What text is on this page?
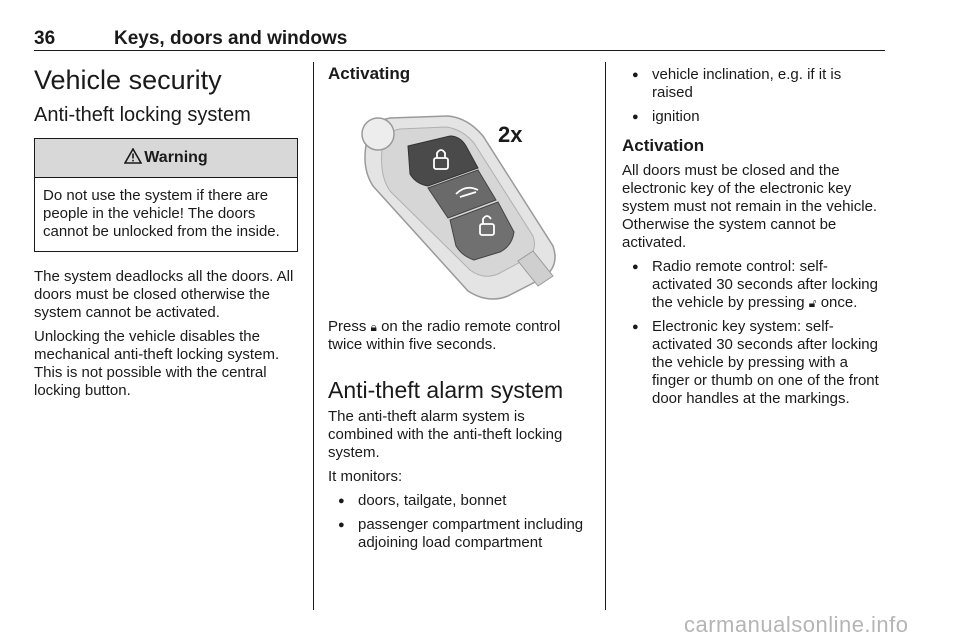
36	Keys, doors and windows
Vehicle security
Anti-theft locking system
Warning
Do not use the system if there are people in the vehicle! The doors cannot be unlocked from the inside.

The system deadlocks all the doors. All doors must be closed otherwise the system cannot be activated.

Unlocking the vehicle disables the mechanical anti-theft locking system. This is not possible with the central locking button.

Activating
2x

Press 🔒︎ on the radio remote control twice within five seconds.

Anti-theft alarm system

The anti-theft alarm system is combined with the anti-theft locking system.

It monitors:

● doors, tailgate, bonnet
● passenger compartment including adjoining load compartment
● vehicle inclination, e.g. if it is raised
● ignition
Activation

All doors must be closed and the electronic key of the electronic key system must not remain in the vehicle. Otherwise the system cannot be activated.

● Radio remote control: self-activated 30 seconds after locking the vehicle by pressing 🔓︎ once.
● Electronic key system: self-activated 30 seconds after locking the vehicle by pressing with a finger or thumb on one of the front door handles at the markings.
carmanualsonline.info
